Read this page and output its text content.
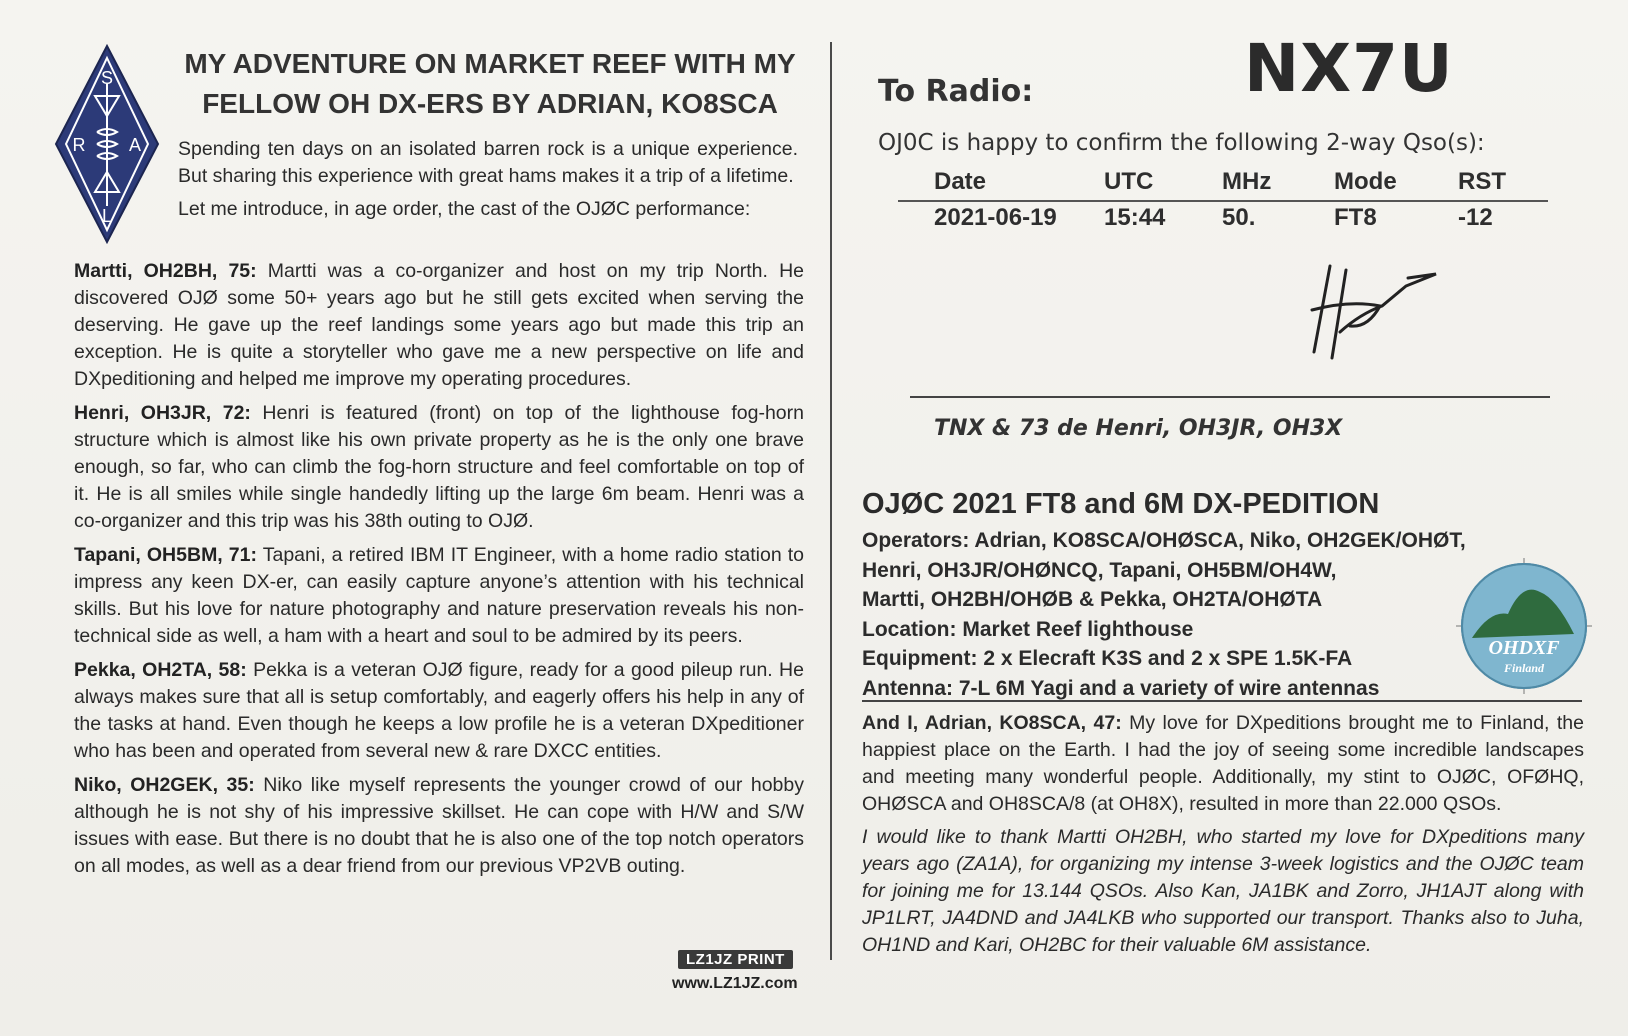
S
R A
L
MY ADVENTURE ON MARKET REEF WITH MY FELLOW OH DX-ERS BY ADRIAN, KO8SCA

Spending ten days on an isolated barren rock is a unique experience. But sharing this experience with great hams makes it a trip of a lifetime.

Let me introduce, in age order, the cast of the OJØC performance:

Martti, OH2BH, 75: Martti was a co-organizer and host on my trip North. He discovered OJØ some 50+ years ago but he still gets excited when serving the deserving. He gave up the reef landings some years ago but made this trip an exception. He is quite a storyteller who gave me a new perspective on life and DXpeditioning and helped me improve my operating procedures.

Henri, OH3JR, 72: Henri is featured (front) on top of the lighthouse fog-horn structure which is almost like his own private property as he is the only one brave enough, so far, who can climb the fog-horn structure and feel comfortable on top of it. He is all smiles while single handedly lifting up the large 6m beam. Henri was a co-organizer and this trip was his 38th outing to OJØ.

Tapani, OH5BM, 71: Tapani, a retired IBM IT Engineer, with a home radio station to impress any keen DX-er, can easily capture anyone’s attention with his technical skills. But his love for nature photography and nature preservation reveals his non-technical side as well, a ham with a heart and soul to be admired by its peers.

Pekka, OH2TA, 58: Pekka is a veteran OJØ figure, ready for a good pileup run. He always makes sure that all is setup comfortably, and eagerly offers his help in any of the tasks at hand. Even though he keeps a low profile he is a veteran DXpeditioner who has been and operated from several new & rare DXCC entities.

Niko, OH2GEK, 35: Niko like myself represents the younger crowd of our hobby although he is not shy of his impressive skillset. He can cope with H/W and S/W issues with ease. But there is no doubt that he is also one of the top notch operators on all modes, as well as a dear friend from our previous VP2VB outing.

LZ1JZ PRINT
www.LZ1JZ.com
To Radio:	NX7U
OJ0C is happy to confirm the following 2-way Qso(s):
Date	UTC	MHz	Mode	RST
2021-06-19	15:44	50.	FT8	-12
TNX & 73 de Henri, OH3JR, OH3X
OJØC 2021 FT8 and 6M DX-PEDITION
Operators: Adrian, KO8SCA/OHØSCA, Niko, OH2GEK/OHØT,
Henri, OH3JR/OHØNCQ, Tapani, OH5BM/OH4W,
Martti, OH2BH/OHØB & Pekka, OH2TA/OHØTA
Location: Market Reef lighthouse
Equipment: 2 x Elecraft K3S and 2 x SPE 1.5K-FA
Antenna: 7-L 6M Yagi and a variety of wire antennas
OHDXF
Finland
And I, Adrian, KO8SCA, 47: My love for DXpeditions brought me to Finland, the happiest place on the Earth. I had the joy of seeing some incredible landscapes and meeting many wonderful people. Additionally, my stint to OJØC, OFØHQ, OHØSCA and OH8SCA/8 (at OH8X), resulted in more than 22.000 QSOs.
I would like to thank Martti OH2BH, who started my love for DXpeditions many years ago (ZA1A), for organizing my intense 3-week logistics and the OJØC team for joining me for 13.144 QSOs. Also Kan, JA1BK and Zorro, JH1AJT along with JP1LRT, JA4DND and JA4LKB who supported our transport. Thanks also to Juha, OH1ND and Kari, OH2BC for their valuable 6M assistance.
